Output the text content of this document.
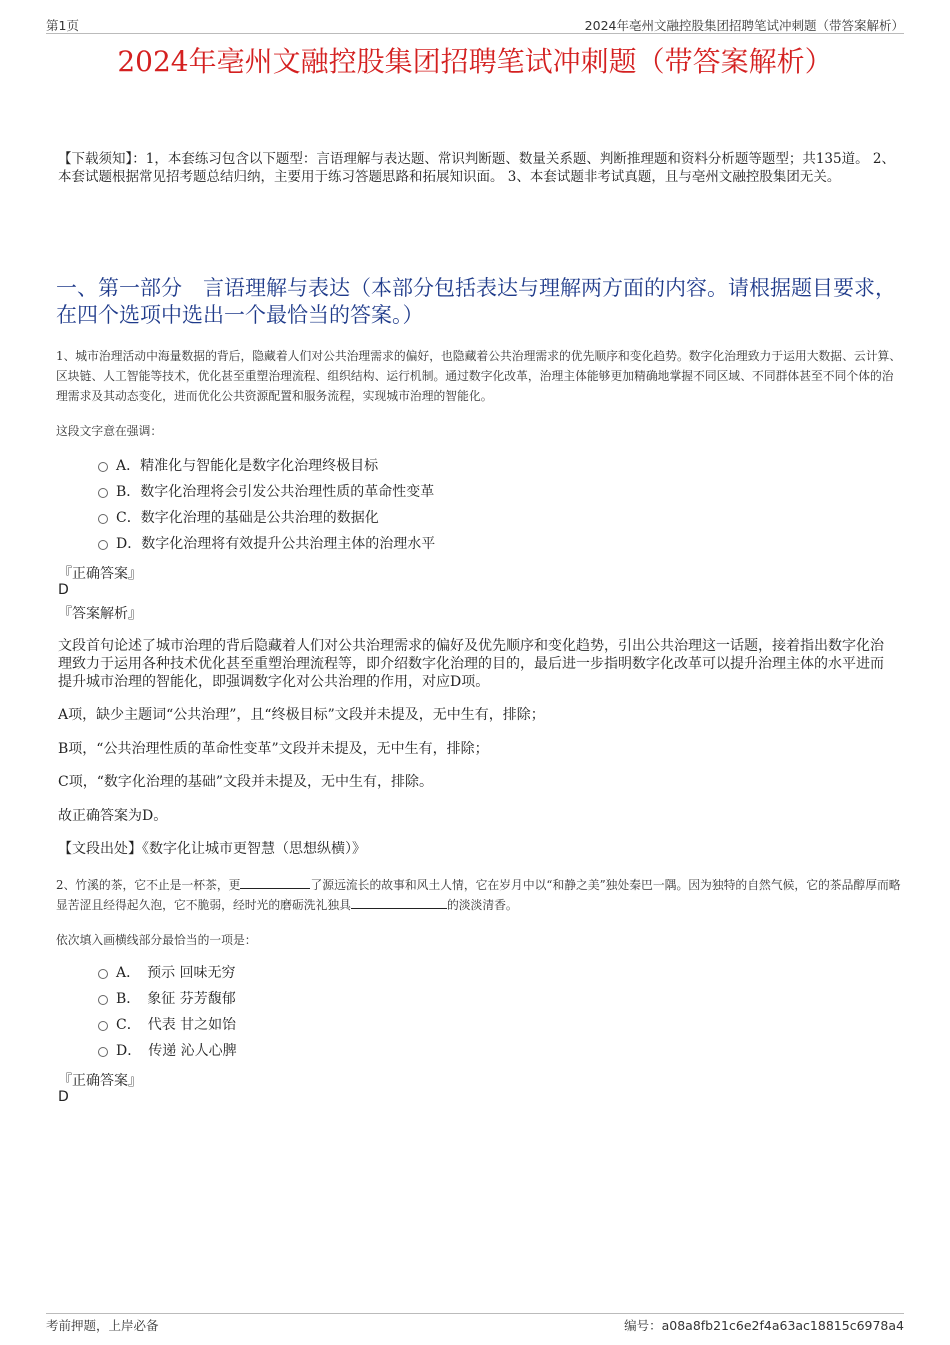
第1页	2024年亳州文融控股集团招聘笔试冲刺题（带答案解析）
2024年亳州文融控股集团招聘笔试冲刺题（带答案解析）
【下载须知】：1，本套练习包含以下题型：言语理解与表达题、常识判断题、数量关系题、判断推理题和资料分析题等题型；共135道。 2、本套试题根据常见招考题总结归纳，主要用于练习答题思路和拓展知识面。 3、本套试题非考试真题，且与亳州文融控股集团无关。
一、第一部分　言语理解与表达（本部分包括表达与理解两方面的内容。请根据题目要求，在四个选项中选出一个最恰当的答案。）
1、城市治理活动中海量数据的背后，隐藏着人们对公共治理需求的偏好，也隐藏着公共治理需求的优先顺序和变化趋势。数字化治理致力于运用大数据、云计算、区块链、人工智能等技术，优化甚至重塑治理流程、组织结构、运行机制。通过数字化改革，治理主体能够更加精确地掌握不同区域、不同群体甚至不同个体的治理需求及其动态变化，进而优化公共资源配置和服务流程，实现城市治理的智能化。
这段文字意在强调：
A．精准化与智能化是数字化治理终极目标
B．数字化治理将会引发公共治理性质的革命性变革
C．数字化治理的基础是公共治理的数据化
D．数字化治理将有效提升公共治理主体的治理水平
『正确答案』
D
『答案解析』
文段首句论述了城市治理的背后隐藏着人们对公共治理需求的偏好及优先顺序和变化趋势，引出公共治理这一话题，接着指出数字化治理致力于运用各种技术优化甚至重塑治理流程等，即介绍数字化治理的目的，最后进一步指明数字化改革可以提升治理主体的水平进而提升城市治理的智能化，即强调数字化对公共治理的作用，对应D项。
A项，缺少主题词“公共治理”，且“终极目标”文段并未提及，无中生有，排除；
B项，“公共治理性质的革命性变革”文段并未提及，无中生有，排除；
C项，“数字化治理的基础”文段并未提及，无中生有，排除。
故正确答案为D。
【文段出处】《数字化让城市更智慧（思想纵横）》
2、竹溪的茶，它不止是一杯茶，更	了源远流长的故事和风土人情，它在岁月中以“和静之美”独处秦巴一隅。因为独特的自然气候，它的茶品醇厚而略显苦涩且经得起久泡，它不脆弱，经时光的磨砺洗礼独具	的淡淡清香。
依次填入画横线部分最恰当的一项是：
A．　预示 回味无穷
B．　象征 芬芳馥郁
C．　代表 甘之如饴
D．　传递 沁人心脾
『正确答案』
D
考前押题，上岸必备	编号：a08a8fb21c6e2f4a63ac18815c6978a4
